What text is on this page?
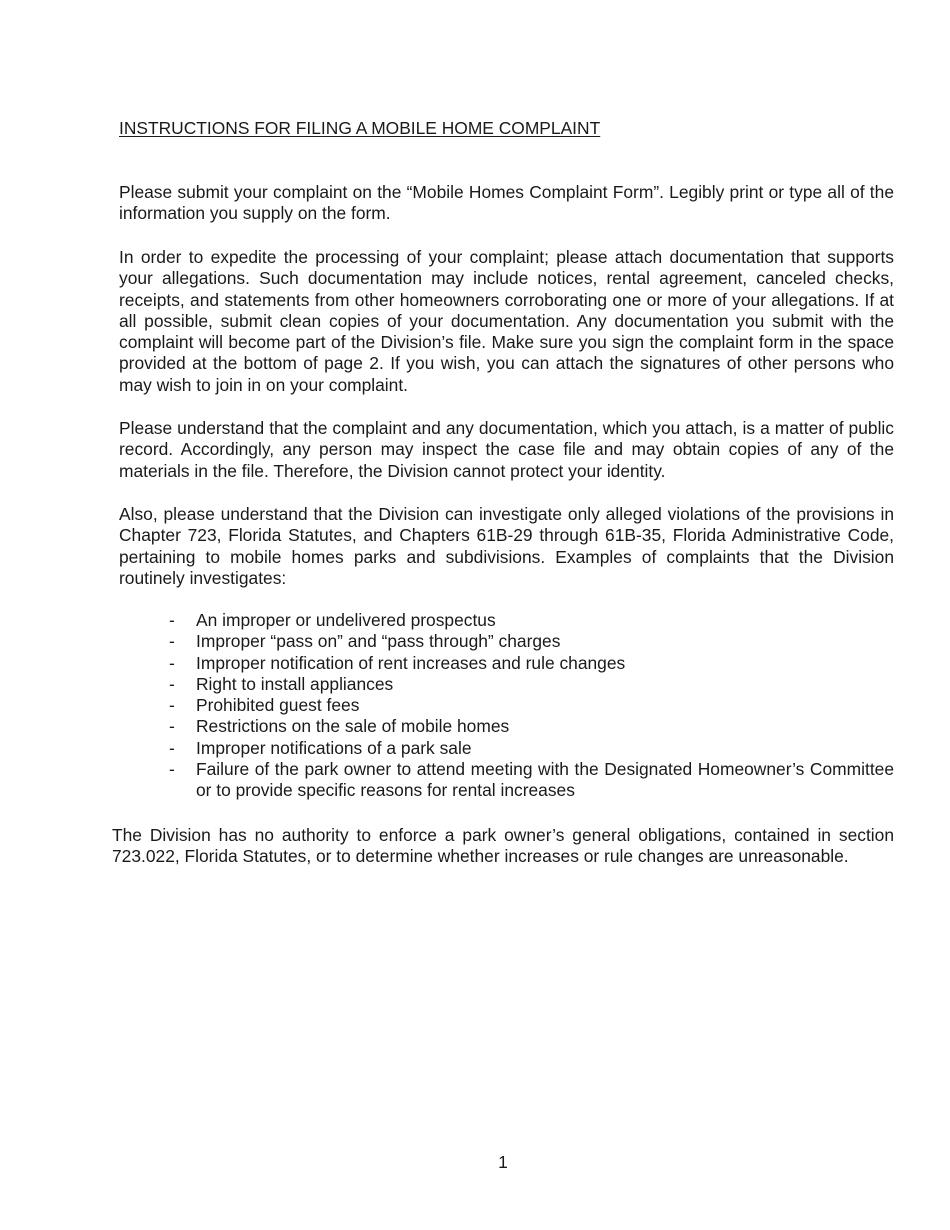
INSTRUCTIONS FOR FILING A MOBILE HOME COMPLAINT

Please submit your complaint on the “Mobile Homes Complaint Form”. Legibly print or type all of the information you supply on the form.

In order to expedite the processing of your complaint; please attach documentation that supports your allegations. Such documentation may include notices, rental agreement, canceled checks, receipts, and statements from other homeowners corroborating one or more of your allegations. If at all possible, submit clean copies of your documentation. Any documentation you submit with the complaint will become part of the Division’s file. Make sure you sign the complaint form in the space provided at the bottom of page 2. If you wish, you can attach the signatures of other persons who may wish to join in on your complaint.

Please understand that the complaint and any documentation, which you attach, is a matter of public record. Accordingly, any person may inspect the case file and may obtain copies of any of the materials in the file. Therefore, the Division cannot protect your identity.

Also, please understand that the Division can investigate only alleged violations of the provisions in Chapter 723, Florida Statutes, and Chapters 61B-29 through 61B-35, Florida Administrative Code, pertaining to mobile homes parks and subdivisions. Examples of complaints that the Division routinely investigates:

- An improper or undelivered prospectus
- Improper “pass on” and “pass through” charges
- Improper notification of rent increases and rule changes
- Right to install appliances
- Prohibited guest fees
- Restrictions on the sale of mobile homes
- Improper notifications of a park sale
- Failure of the park owner to attend meeting with the Designated Homeowner’s Committee or to provide specific reasons for rental increases

The Division has no authority to enforce a park owner’s general obligations, contained in section 723.022, Florida Statutes, or to determine whether increases or rule changes are unreasonable.

1
